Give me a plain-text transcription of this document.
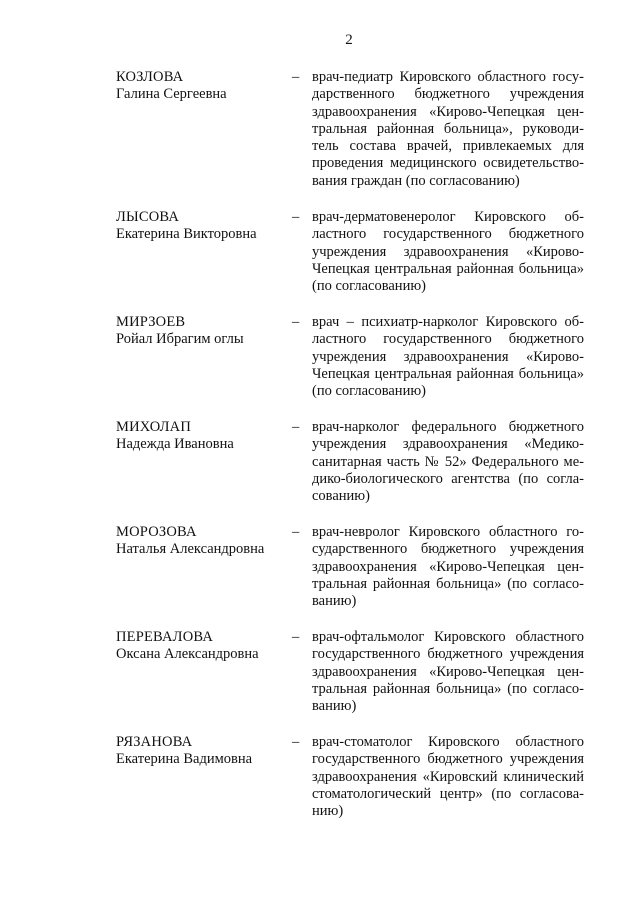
2
КОЗЛОВА
Галина Сергеевна
– врач-педиатр Кировского областного государственного бюджетного учреждения здравоохранения «Кирово-Чепецкая центральная районная больница», руководитель состава врачей, привлекаемых для проведения медицинского освидетельствования граждан (по согласованию)
ЛЫСОВА
Екатерина Викторовна
– врач-дерматовенеролог Кировского областного государственного бюджетного учреждения здравоохранения «Кирово-Чепецкая центральная районная больница» (по согласованию)
МИРЗОЕВ
Ройал Ибрагим оглы
– врач – психиатр-нарколог Кировского областного государственного бюджетного учреждения здравоохранения «Кирово-Чепецкая центральная районная больница» (по согласованию)
МИХОЛАП
Надежда Ивановна
– врач-нарколог федерального бюджетного учреждения здравоохранения «Медико-санитарная часть № 52» Федерального медико-биологического агентства (по согласованию)
МОРОЗОВА
Наталья Александровна
– врач-невролог Кировского областного государственного бюджетного учреждения здравоохранения «Кирово-Чепецкая центральная районная больница» (по согласованию)
ПЕРЕВАЛОВА
Оксана Александровна
– врач-офтальмолог Кировского областного государственного бюджетного учреждения здравоохранения «Кирово-Чепецкая центральная районная больница» (по согласованию)
РЯЗАНОВА
Екатерина Вадимовна
– врач-стоматолог Кировского областного государственного бюджетного учреждения здравоохранения «Кировский клинический стоматологический центр» (по согласованию)
